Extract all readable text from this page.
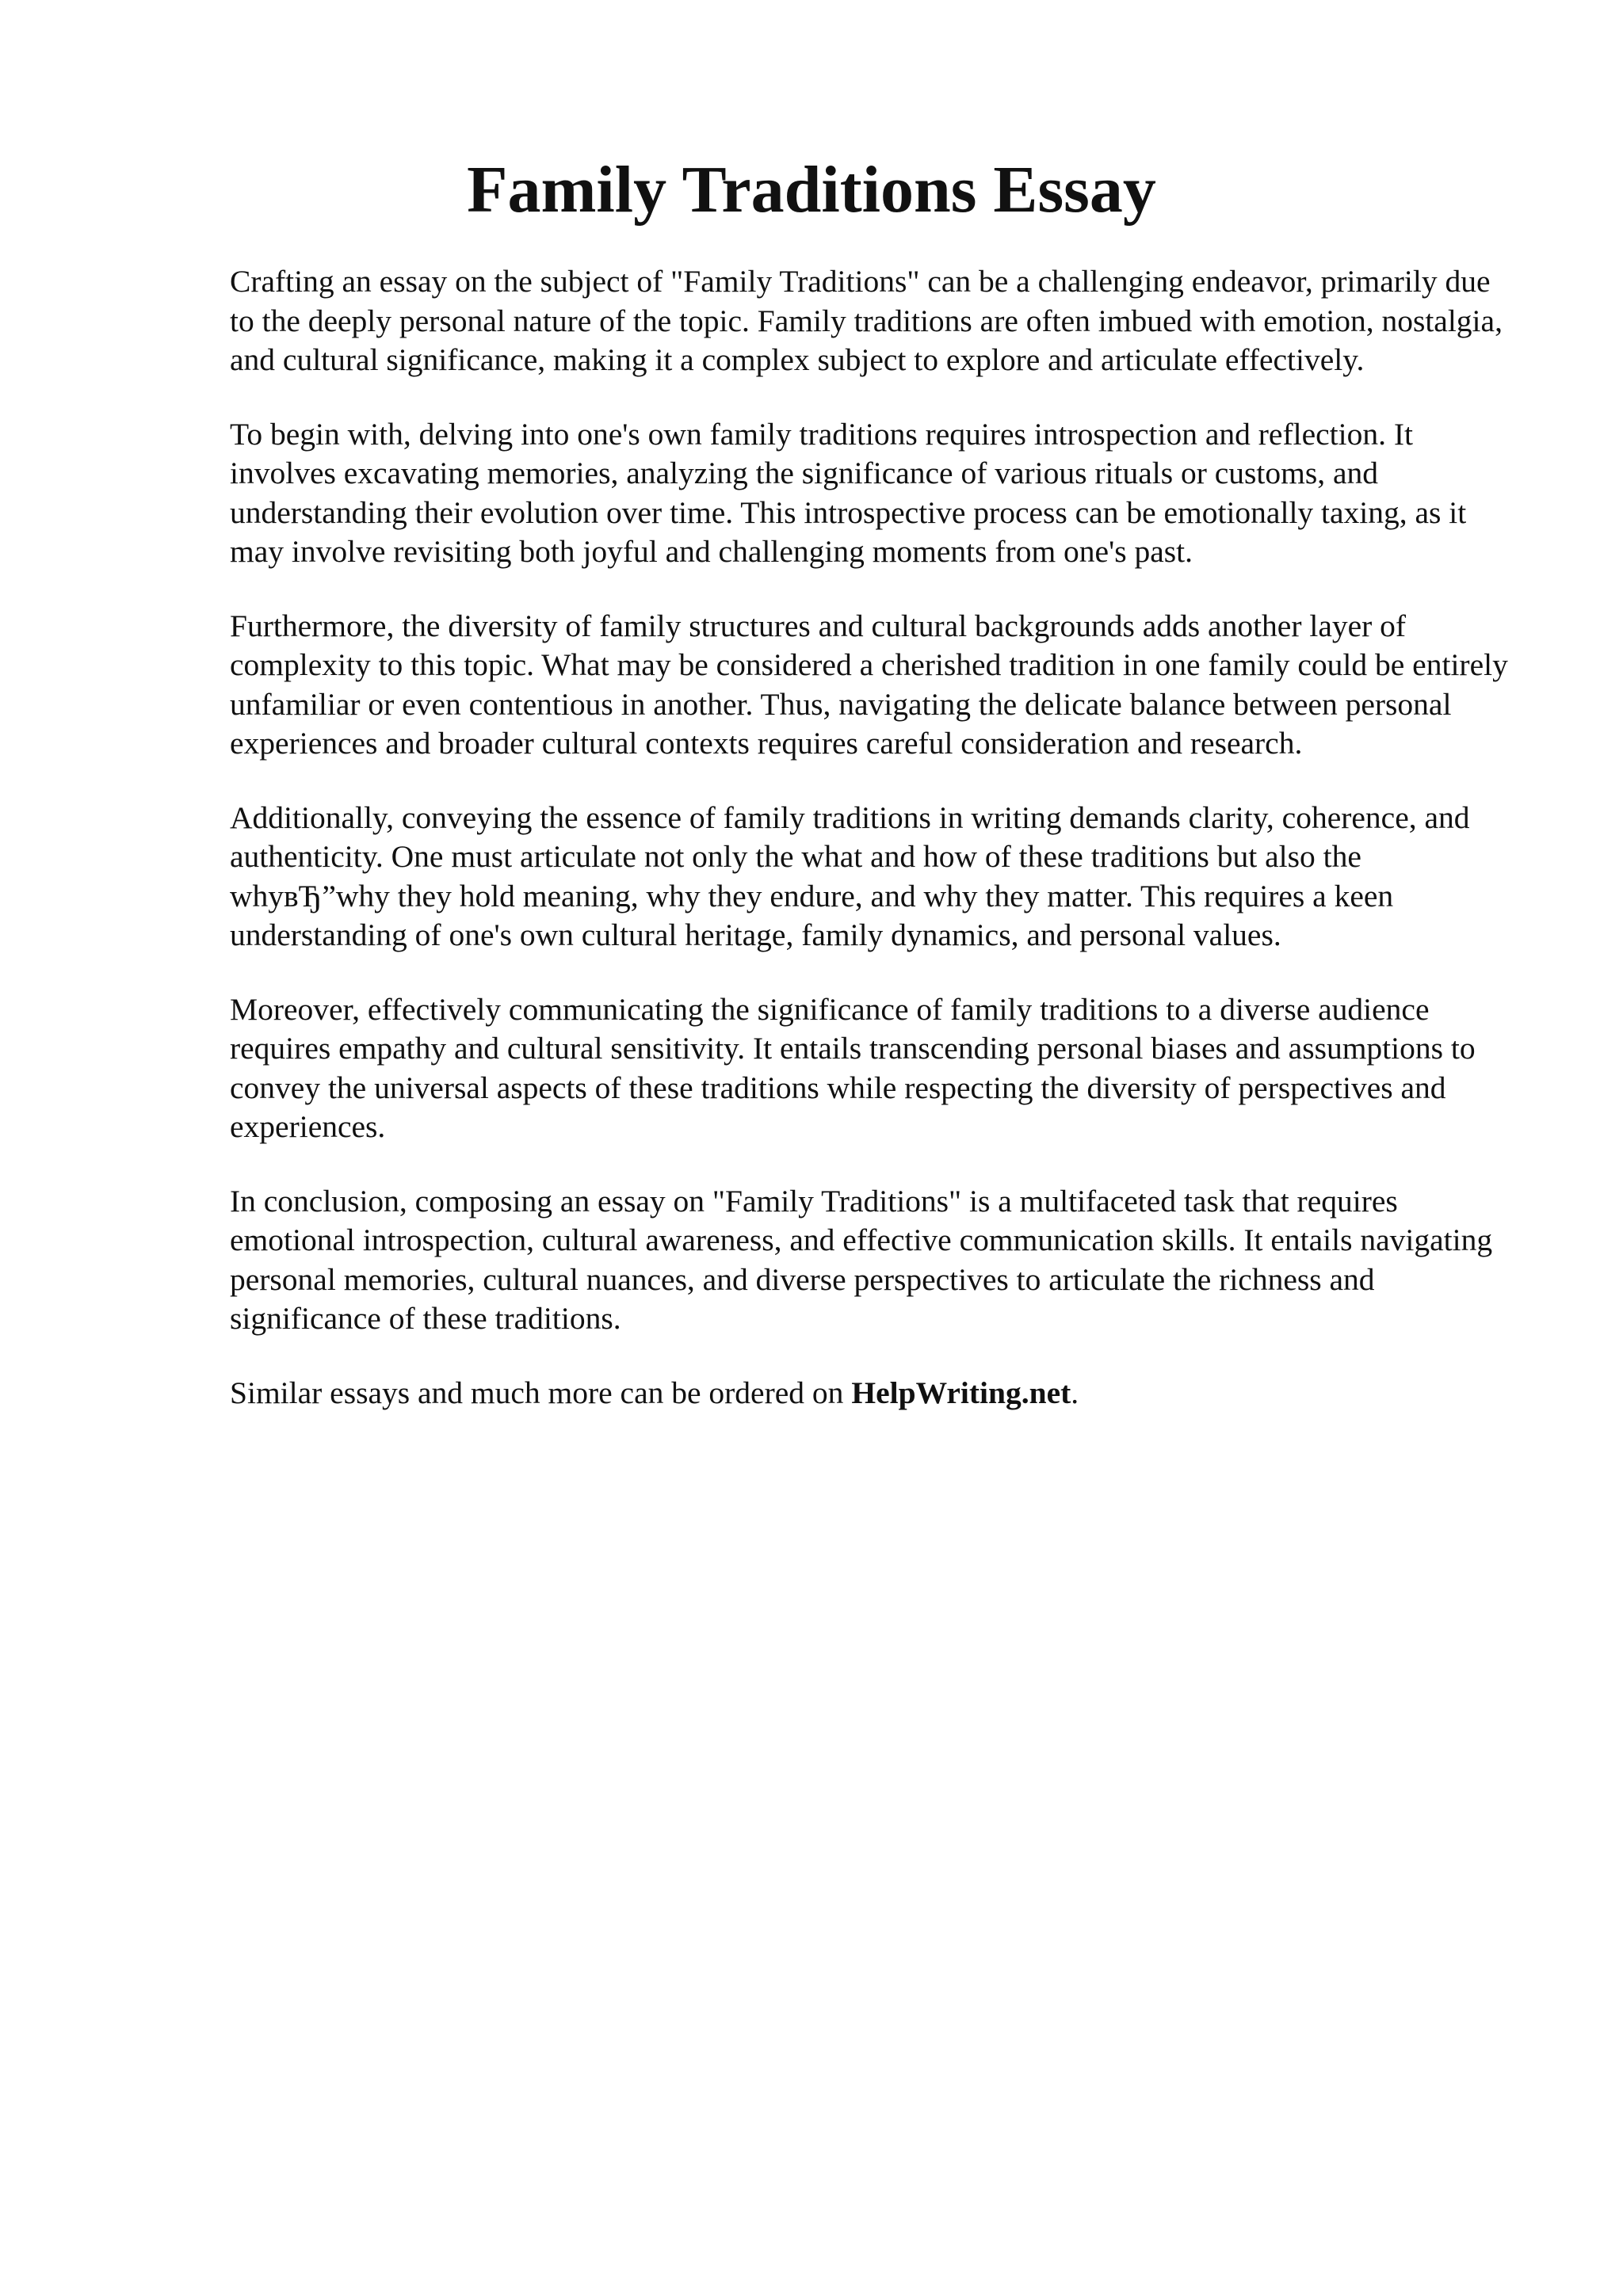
Family Traditions Essay

Crafting an essay on the subject of "Family Traditions" can be a challenging endeavor, primarily due to the deeply personal nature of the topic. Family traditions are often imbued with emotion, nostalgia, and cultural significance, making it a complex subject to explore and articulate effectively.

To begin with, delving into one's own family traditions requires introspection and reflection. It involves excavating memories, analyzing the significance of various rituals or customs, and understanding their evolution over time. This introspective process can be emotionally taxing, as it may involve revisiting both joyful and challenging moments from one's past.

Furthermore, the diversity of family structures and cultural backgrounds adds another layer of complexity to this topic. What may be considered a cherished tradition in one family could be entirely unfamiliar or even contentious in another. Thus, navigating the delicate balance between personal experiences and broader cultural contexts requires careful consideration and research.

Additionally, conveying the essence of family traditions in writing demands clarity, coherence, and authenticity. One must articulate not only the what and how of these traditions but also the whyвЂ”why they hold meaning, why they endure, and why they matter. This requires a keen understanding of one's own cultural heritage, family dynamics, and personal values.

Moreover, effectively communicating the significance of family traditions to a diverse audience requires empathy and cultural sensitivity. It entails transcending personal biases and assumptions to convey the universal aspects of these traditions while respecting the diversity of perspectives and experiences.

In conclusion, composing an essay on "Family Traditions" is a multifaceted task that requires emotional introspection, cultural awareness, and effective communication skills. It entails navigating personal memories, cultural nuances, and diverse perspectives to articulate the richness and significance of these traditions.

Similar essays and much more can be ordered on HelpWriting.net.
